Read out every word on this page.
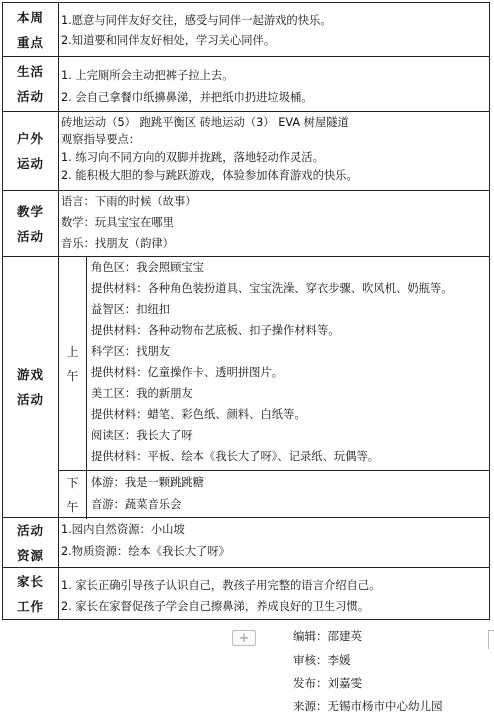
本周
重点
1.愿意与同伴友好交往，感受与同伴一起游戏的快乐。
2.知道要和同伴友好相处，学习关心同伴。
生活
活动
1. 上完厕所会主动把裤子拉上去。
2. 会自己拿餐巾纸擤鼻涕，并把纸巾扔进垃圾桶。
户外
运动
砖地运动（5） 跑跳平衡区 砖地运动（3） EVA 树屋隧道
观察指导要点：
1. 练习向不同方向的双脚并拢跳，落地轻动作灵活。
2. 能积极大胆的参与跳跃游戏，体验参加体育游戏的快乐。
教学
活动
语言：下雨的时候（故事）
数学：玩具宝宝在哪里
音乐：找朋友（韵律）
游戏
活动
上
午
角色区：我会照顾宝宝
提供材料：各种角色装扮道具、宝宝洗澡、穿衣步骤、吹风机、奶瓶等。
益智区：扣纽扣
提供材料：各种动物布艺底板、扣子操作材料等。
科学区：找朋友
提供材料：亿童操作卡、透明拼图片。
美工区：我的新朋友
提供材料：蜡笔、彩色纸、颜料、白纸等。
阅读区：我长大了呀
提供材料：平板、绘本《我长大了呀》、记录纸、玩偶等。
下
午
体游：我是一颗跳跳糖
音游：蔬菜音乐会
活动
资源
1.园内自然资源：小山坡
2.物质资源：绘本《我长大了呀》
家长
工作
1. 家长正确引导孩子认识自己，教孩子用完整的语言介绍自己。
2. 家长在家督促孩子学会自己擦鼻涕，养成良好的卫生习惯。
+	编辑：邵建英
审核：李媛
发布：刘嘉雯
来源：无锡市杨市中心幼儿园
